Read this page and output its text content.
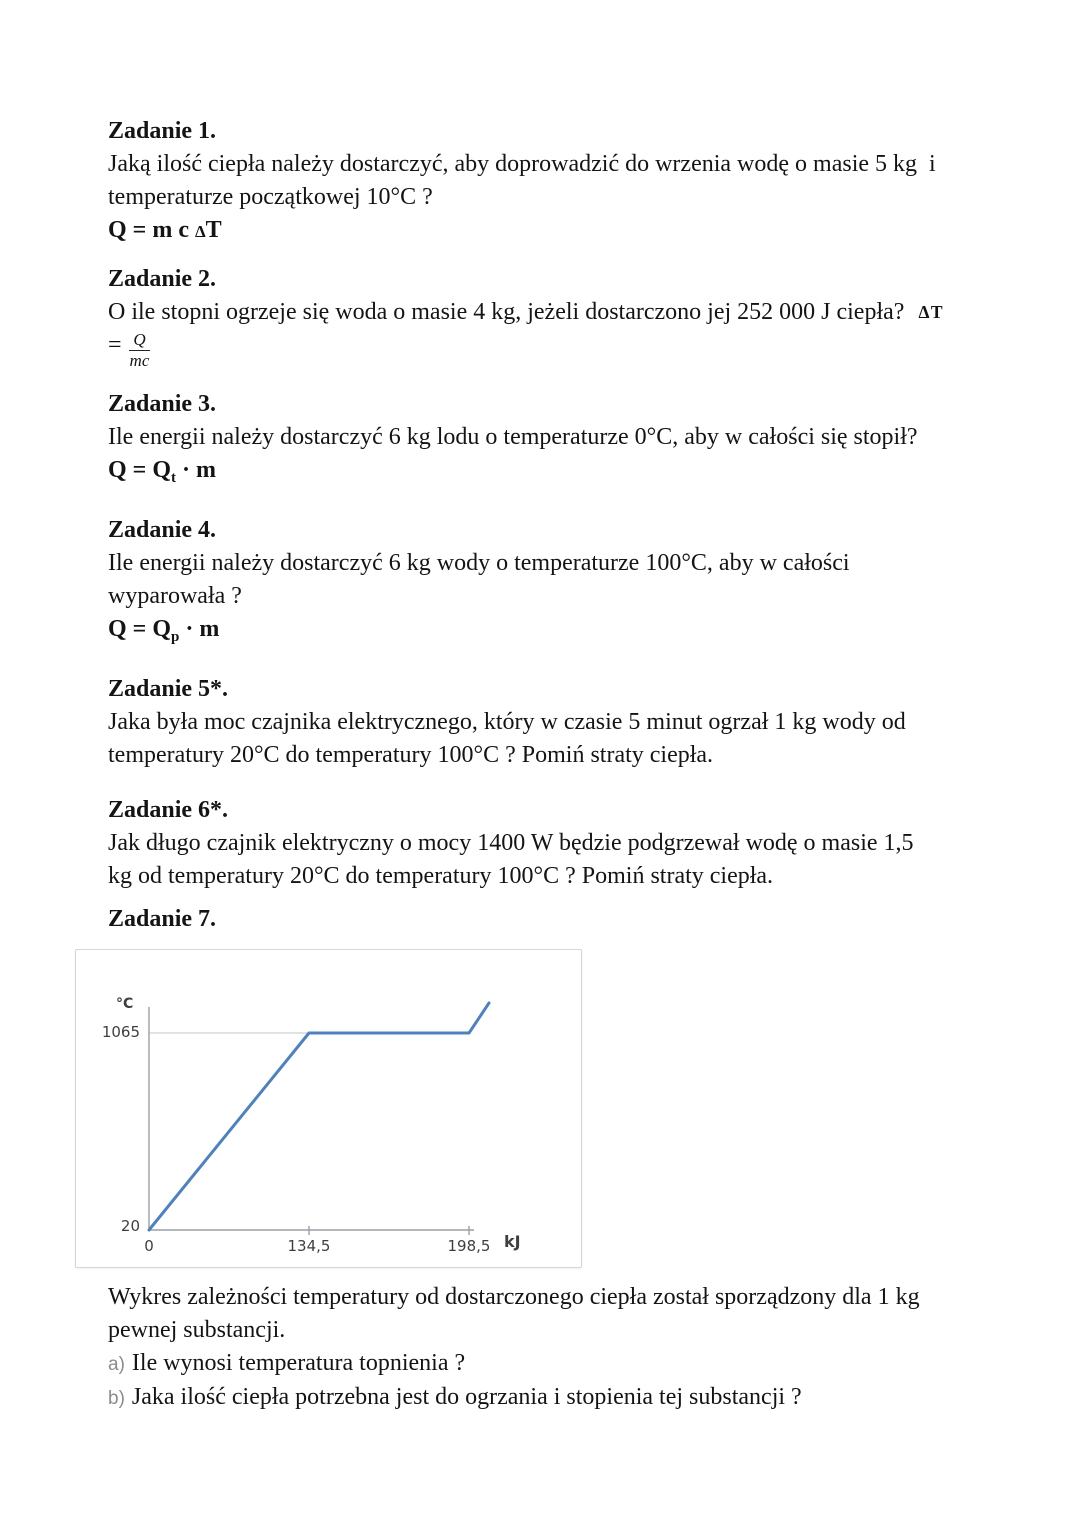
Zadanie 1.
Jaką ilość ciepła należy dostarczyć, aby doprowadzić do wrzenia wodę o masie 5 kg  i
temperaturze początkowej 10°C ?
Q = m c ΔT
Zadanie 2.
O ile stopni ogrzeje się woda o masie 4 kg, jeżeli dostarczono jej 252 000 J ciepła? ΔT
= $\frac{Q}{mc}$
Zadanie 3.
Ile energii należy dostarczyć 6 kg lodu o temperaturze 0°C, aby w całości się stopił?
$Q = Q_t \cdot m$
Zadanie 4.
Ile energii należy dostarczyć 6 kg wody o temperaturze 100°C, aby w całości
wyparowała ?
$Q = Q_p \cdot m$
Zadanie 5*.
Jaka była moc czajnika elektrycznego, który w czasie 5 minut ogrzał 1 kg wody od
temperatury 20°C do temperatury 100°C ? Pomiń straty ciepła.
Zadanie 6*.
Jak długo czajnik elektryczny o mocy 1400 W będzie podgrzewał wodę o masie 1,5
kg od temperatury 20°C do temperatury 100°C ? Pomiń straty ciepła.
Zadanie 7.
°C
1065
20
0	134,5	198,5 kJ
Wykres zależności temperatury od dostarczonego ciepła został sporządzony dla 1 kg
pewnej substancji.
a) Ile wynosi temperatura topnienia ?
b) Jaka ilość ciepła potrzebna jest do ogrzania i stopienia tej substancji ?
